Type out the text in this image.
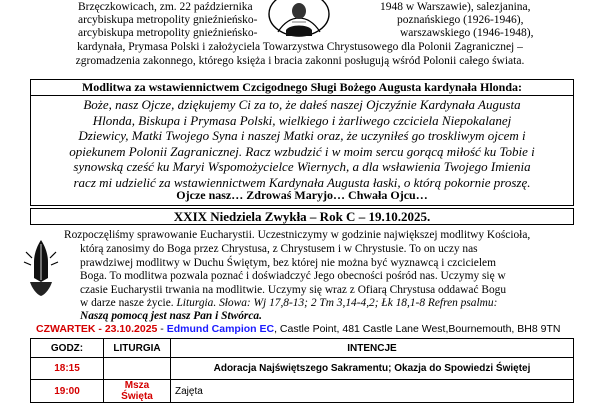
Brzęczkowicach, zm. 22 października	1948 w Warszawie), salezjanina,
arcybiskupa metropolity gnieźnieńsko-	poznańskiego (1926-1946),
arcybiskupa metropolity gnieźnieńsko-	warszawskiego (1946-1948),
kardynała, Prymasa Polski i założyciela Towarzystwa Chrystusowego dla Polonii Zagranicznej –
zgromadzenia zakonnego, którego księża i bracia zakonni posługują wśród Polonii całego świata.
Modlitwa za wstawiennictwem Czcigodnego Sługi Bożego Augusta kardynała Hlonda:
Boże, nasz Ojcze, dziękujemy Ci za to, że dałeś naszej Ojczyźnie Kardynała Augusta
Hlonda, Biskupa i Prymasa Polski, wielkiego i żarliwego czciciela Niepokalanej
Dziewicy, Matki Twojego Syna i naszej Matki oraz, że uczyniłeś go troskliwym ojcem i
opiekunem Polonii Zagranicznej. Racz wzbudzić i w moim sercu gorącą miłość ku Tobie i
synowską cześć ku Maryi Wspomożycielce Wiernych, a dla wsławienia Twojego Imienia
racz mi udzielić za wstawiennictwem Kardynała Augusta łaski, o którą pokornie proszę.
Ojcze nasz… Zdrowaś Maryjo… Chwała Ojcu…
XXIX Niedziela Zwykła – Rok C – 19.10.2025.
Rozpoczęliśmy sprawowanie Eucharystii. Uczestniczymy w godzinie największej modlitwy Kościoła,
którą zanosimy do Boga przez Chrystusa, z Chrystusem i w Chrystusie. To on uczy nas
prawdziwej modlitwy w Duchu Świętym, bez której nie można być wyznawcą i czcicielem
Boga. To modlitwa pozwala poznać i doświadczyć Jego obecności pośród nas. Uczymy się w
czasie Eucharystii trwania na modlitwie. Uczymy się wraz z Ofiarą Chrystusa oddawać Bogu
w darze nasze życie. Liturgia. Słowa: Wj 17,8-13; 2 Tm 3,14-4,2; Łk 18,1-8 Refren psalmu:
Naszą pomocą jest nasz Pan i Stwórca.
CZWARTEK - 23.10.2025 - Edmund Campion EC, Castle Point, 481 Castle Lane West,Bournemouth, BH8 9TN
GODZ:	LITURGIA	INTENCJE
18:15		Adoracja Najświętszego Sakramentu; Okazja do Spowiedzi Świętej
19:00	Msza Święta	Zajęta
